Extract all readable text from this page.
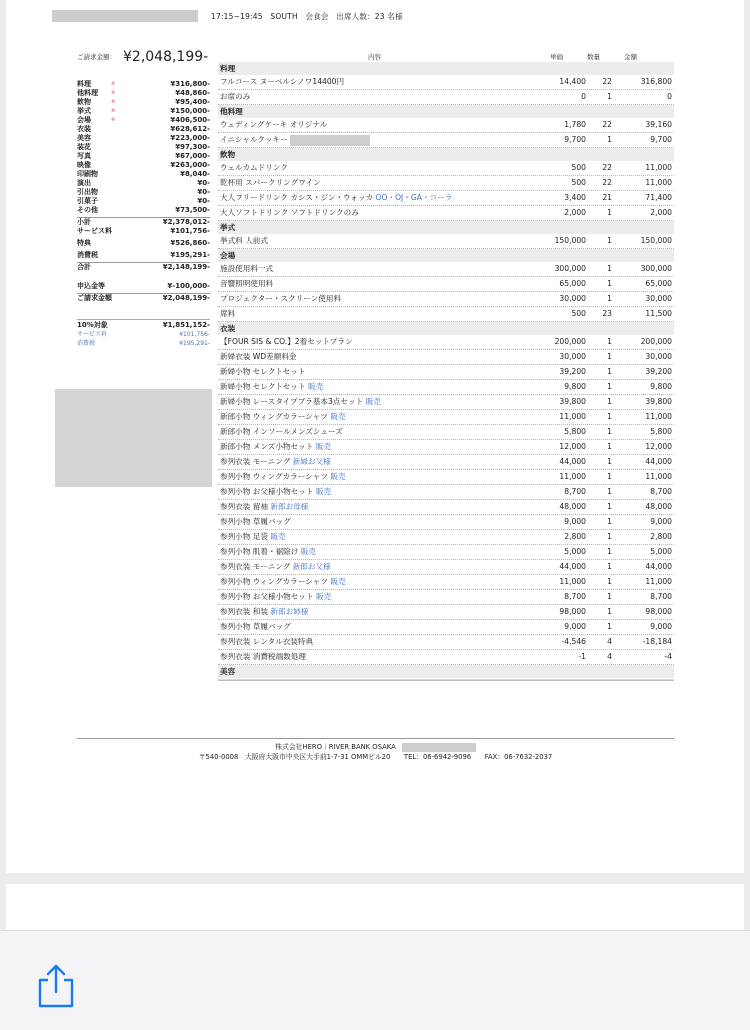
17:15~19:45　SOUTH　会食会　出席人数：23 名様
ご請求金額： ¥2,048,199-
料理	※	¥316,800-
他料理	※	¥48,860-
飲物	※	¥95,400-
挙式	※	¥150,000-
会場	※	¥406,500-
衣装	¥628,612-
美容	¥223,000-
装花	¥97,300-
写真	¥67,000-
映像	¥263,000-
印刷物	¥8,040-
演出	¥0-
引出物	¥0-
引菓子	¥0-
その他	¥73,500-
小計	¥2,378,012-
サービス料	¥101,756-
特典	¥526,860-
消費税	¥195,291-
合計	¥2,148,199-
申込金等	¥-100,000-
ご請求金額	¥2,048,199-
10%対象	¥1,851,152-
サービス料	¥101,756-
消費税	¥195,291-
内容	単価	数量	金額
料理
フルコース ヌーベルシノワ14400円	14,400 22	316,800
お席のみ	0	1	0
他料理
ウェディングケーキ オリジナル	1,780 22	39,160
イニシャルクッキー	9,700	1	9,700
飲物
ウェルカムドリンク	500 22	11,000
乾杯用 スパークリングワイン	500 22	11,000
大人フリードリンク カシス・ジン・ウォッカ OO・OJ・GA・コーラ	3,400 21	71,400
大人ソフトドリンク ソフトドリンクのみ	2,000	1	2,000
挙式
挙式料 人前式	150,000	1	150,000
会場
施設使用料一式	300,000	1	300,000
音響照明使用料	65,000	1	65,000
プロジェクター・スクリーン使用料	30,000	1	30,000
席料	500 23	11,500
衣装
【FOUR SIS & CO.】2着セットプラン	200,000	1	200,000
新婦衣装 WD差額料金	30,000	1	30,000
新婦小物 セレクトセット	39,200	1	39,200
新婦小物 セレクトセット 販売	9,800	1	9,800
新婦小物 レースタイプブラ基本3点セット 販売	39,800	1	39,800
新郎小物 ウィングカラーシャツ 販売	11,000	1	11,000
新郎小物 インソールメンズシューズ	5,800	1	5,800
新郎小物 メンズ小物セット 販売	12,000	1	12,000
参列衣装 モーニング 新婦お父様	44,000	1	44,000
参列小物 ウィングカラーシャツ 販売	11,000	1	11,000
参列小物 お父様小物セット 販売	8,700	1	8,700
参列衣装 留袖 新郎お母様	48,000	1	48,000
参列小物 草履バッグ	9,000	1	9,000
参列小物 足袋 販売	2,800	1	2,800
参列小物 肌着・裾除け 販売	5,000	1	5,000
参列衣装 モーニング 新郎お父様	44,000	1	44,000
参列小物 ウィングカラーシャツ 販売	11,000	1	11,000
参列小物 お父様小物セット 販売	8,700	1	8,700
参列衣装 和装 新郎お姉様	98,000	1	98,000
参列小物 草履バッグ	9,000	1	9,000
参列衣装 レンタル衣装特典	-4,546	4	-18,184
参列衣装 消費税端数処理	-1	4	-4
美容
株式会社HERO｜RIVER BANK OSAKA
〒540-0008　大阪府大阪市中央区大手前1-7-31 OMMビル20　　TEL：06-6942-9096　　FAX：06-7632-2037
